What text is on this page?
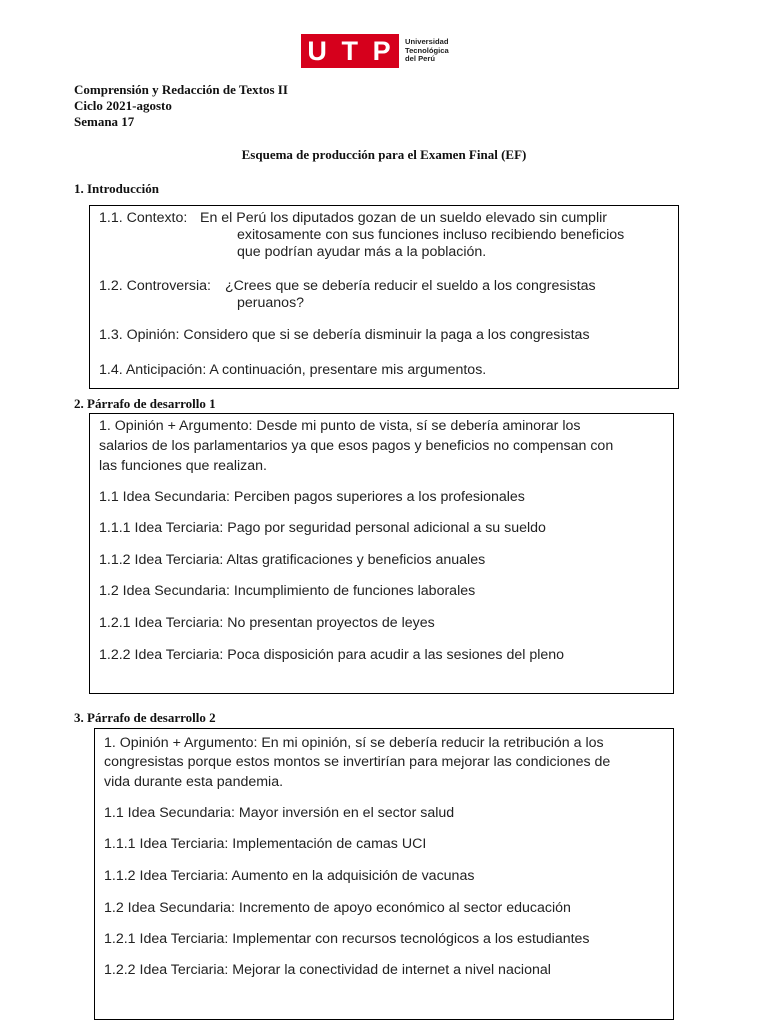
U T P Universidad
Tecnológica
del Perú
Comprensión y Redacción de Textos II
Ciclo 2021-agosto
Semana 17
Esquema de producción para el Examen Final (EF)
1. Introducción
1.1. Contexto: En el Perú los diputados gozan de un sueldo elevado sin cumplir
exitosamente con sus funciones incluso recibiendo beneficios
que podrían ayudar más a la población.
1.2. Controversia: ¿Crees que se debería reducir el sueldo a los congresistas
peruanos?
1.3. Opinión: Considero que si se debería disminuir la paga a los congresistas
1.4. Anticipación: A continuación, presentare mis argumentos.
2. Párrafo de desarrollo 1
1. Opinión + Argumento: Desde mi punto de vista, sí se debería aminorar los
salarios de los parlamentarios ya que esos pagos y beneficios no compensan con
las funciones que realizan.
1.1 Idea Secundaria: Perciben pagos superiores a los profesionales
1.1.1 Idea Terciaria: Pago por seguridad personal adicional a su sueldo
1.1.2 Idea Terciaria: Altas gratificaciones y beneficios anuales
1.2 Idea Secundaria: Incumplimiento de funciones laborales
1.2.1 Idea Terciaria: No presentan proyectos de leyes
1.2.2 Idea Terciaria: Poca disposición para acudir a las sesiones del pleno
3. Párrafo de desarrollo 2
1. Opinión + Argumento: En mi opinión, sí se debería reducir la retribución a los
congresistas porque estos montos se invertirían para mejorar las condiciones de
vida durante esta pandemia.
1.1 Idea Secundaria: Mayor inversión en el sector salud
1.1.1 Idea Terciaria: Implementación de camas UCI
1.1.2 Idea Terciaria: Aumento en la adquisición de vacunas
1.2 Idea Secundaria: Incremento de apoyo económico al sector educación
1.2.1 Idea Terciaria: Implementar con recursos tecnológicos a los estudiantes
1.2.2 Idea Terciaria: Mejorar la conectividad de internet a nivel nacional
